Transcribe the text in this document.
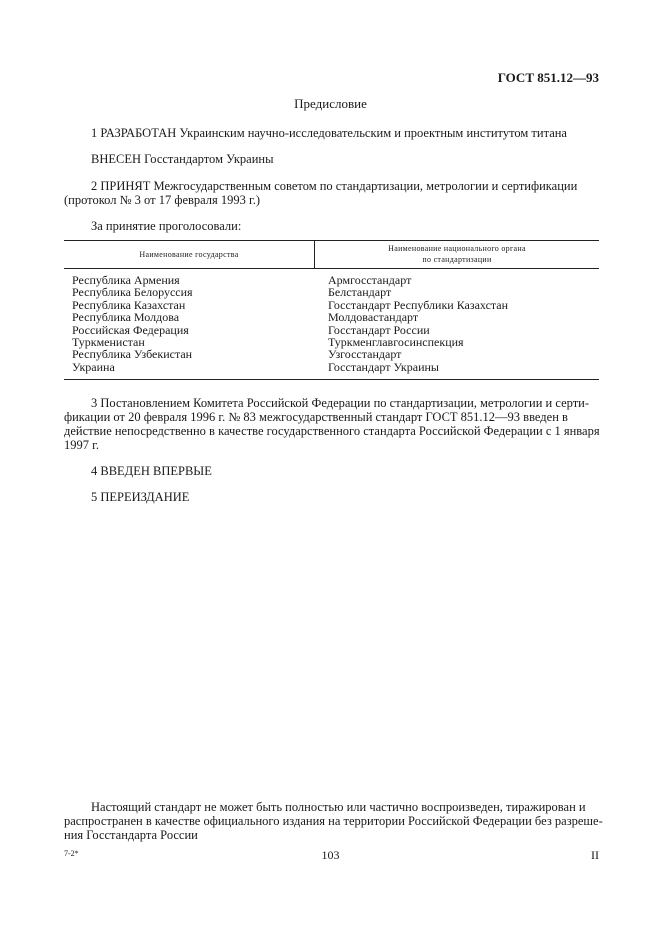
ГОСТ 851.12—93
Предисловие
1 РАЗРАБОТАН Украинским научно-исследовательским и проектным институтом титана
ВНЕСЕН Госстандартом Украины
2 ПРИНЯТ Межгосударственным советом по стандартизации, метрологии и сертификации
(протокол № 3 от 17 февраля 1993 г.)
За принятие проголосовали:
Наименование государства
Наименование национального органа
по стандартизации
Республика Армения
Республика Белоруссия
Республика Казахстан
Республика Молдова
Российская Федерация
Туркменистан
Республика Узбекистан
Украина
Армгосстандарт
Белстандарт
Госстандарт Республики Казахстан
Молдовастандарт
Госстандарт России
Туркменглавгосинспекция
Узгосстандарт
Госстандарт Украины
3 Постановлением Комитета Российской Федерации по стандартизации, метрологии и серти-
фикации от 20 февраля 1996 г. № 83 межгосударственный стандарт ГОСТ 851.12—93 введен в
действие непосредственно в качестве государственного стандарта Российской Федерации с 1 января
1997 г.
4 ВВЕДЕН ВПЕРВЫЕ
5 ПЕРЕИЗДАНИЕ
Настоящий стандарт не может быть полностью или частично воспроизведен, тиражирован и
распространен в качестве официального издания на территории Российской Федерации без разреше-
ния Госстандарта России
7-2*	103	II
